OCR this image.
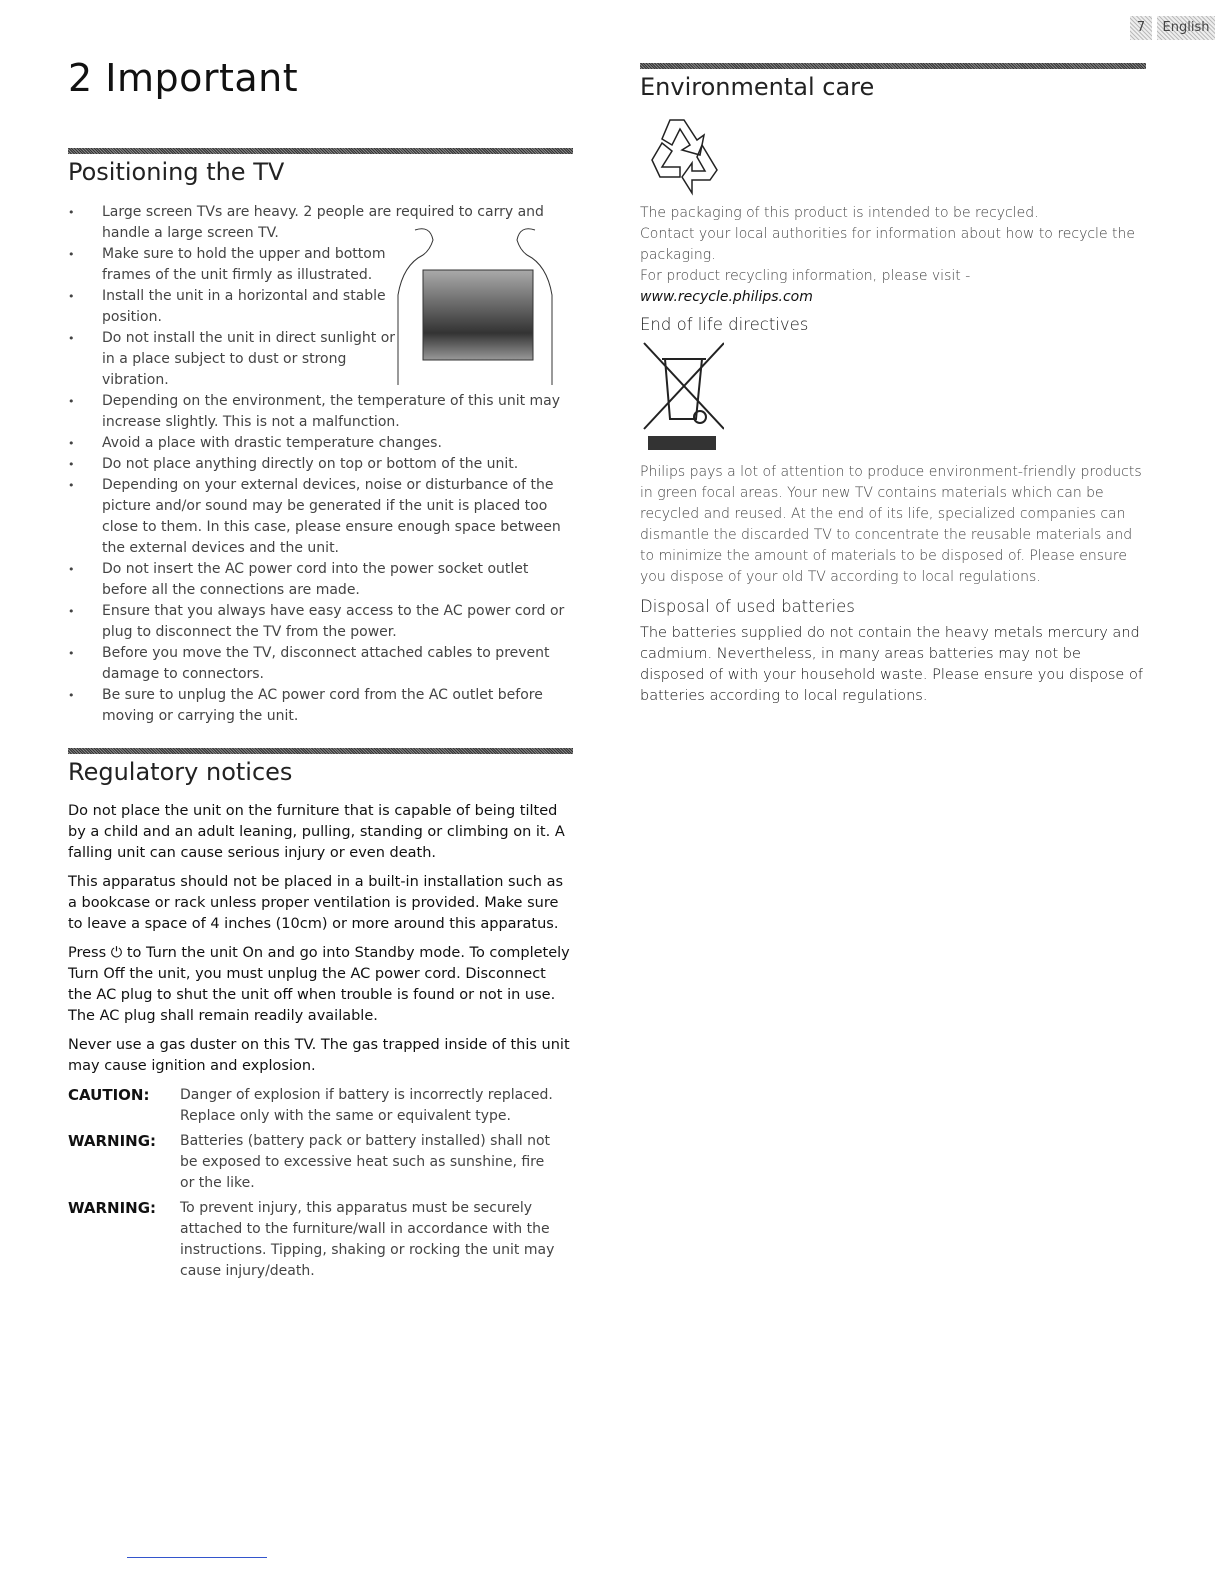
7	English
2 Important
Positioning the TV
• Large screen TVs are heavy. 2 people are required to carry and handle a large screen TV.
• Make sure to hold the upper and bottom frames of the unit firmly as illustrated.
• Install the unit in a horizontal and stable position.
• Do not install the unit in direct sunlight or in a place subject to dust or strong vibration.
• Depending on the environment, the temperature of this unit may increase slightly. This is not a malfunction.
• Avoid a place with drastic temperature changes.
• Do not place anything directly on top or bottom of the unit.
• Depending on your external devices, noise or disturbance of the picture and/or sound may be generated if the unit is placed too close to them. In this case, please ensure enough space between the external devices and the unit.
• Do not insert the AC power cord into the power socket outlet before all the connections are made.
• Ensure that you always have easy access to the AC power cord or plug to disconnect the TV from the power.
• Before you move the TV, disconnect attached cables to prevent damage to connectors.
• Be sure to unplug the AC power cord from the AC outlet before moving or carrying the unit.
Regulatory notices

Do not place the unit on the furniture that is capable of being tilted by a child and an adult leaning, pulling, standing or climbing on it. A falling unit can cause serious injury or even death.

This apparatus should not be placed in a built-in installation such as a bookcase or rack unless proper ventilation is provided. Make sure to leave a space of 4 inches (10cm) or more around this apparatus.

Press ⏻ to Turn the unit On and go into Standby mode. To completely Turn Off the unit, you must unplug the AC power cord. Disconnect the AC plug to shut the unit off when trouble is found or not in use. The AC plug shall remain readily available.

Never use a gas duster on this TV. The gas trapped inside of this unit may cause ignition and explosion.

CAUTION:	Danger of explosion if battery is incorrectly replaced. Replace only with the same or equivalent type.
WARNING:	Batteries (battery pack or battery installed) shall not be exposed to excessive heat such as sunshine, fire or the like.
WARNING:	To prevent injury, this apparatus must be securely attached to the furniture/wall in accordance with the instructions. Tipping, shaking or rocking the unit may cause injury/death.
Environmental care
The packaging of this product is intended to be recycled.
Contact your local authorities for information about how to recycle the packaging.
For product recycling information, please visit - www.recycle.philips.com
End of life directives

Philips pays a lot of attention to produce environment-friendly products in green focal areas. Your new TV contains materials which can be recycled and reused. At the end of its life, specialized companies can dismantle the discarded TV to concentrate the reusable materials and to minimize the amount of materials to be disposed of. Please ensure you dispose of your old TV according to local regulations.

Disposal of used batteries

The batteries supplied do not contain the heavy metals mercury and cadmium. Nevertheless, in many areas batteries may not be disposed of with your household waste. Please ensure you dispose of batteries according to local regulations.
